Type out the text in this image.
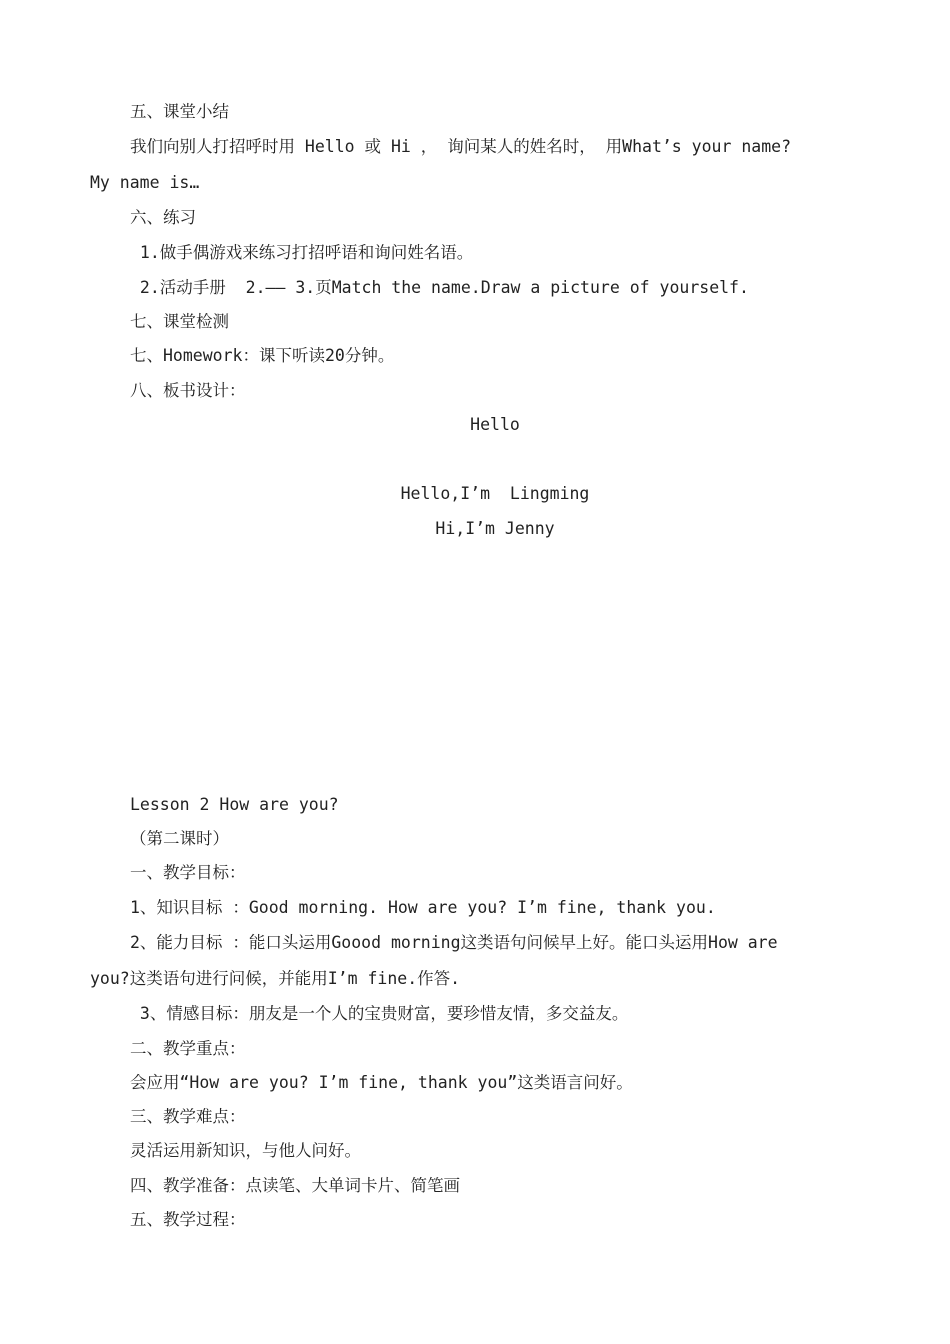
五、课堂小结
我们向别人打招呼时用 Hello 或 Hi ， 询问某人的姓名时， 用What’s your name?
My name is…
六、练习
1.做手偶游戏来练习打招呼语和询问姓名语。
2.活动手册  2.—— 3.页Match the name.Draw a picture of yourself.
七、课堂检测
七、Homework：课下听读20分钟。
八、板书设计：
Hello
Hello,I’m  Lingming
Hi,I’m Jenny
Lesson 2 How are you?
（第二课时）
一、教学目标：
1、知识目标 ：Good morning. How are you? I’m fine, thank you.
2、能力目标 ：能口头运用Goood morning这类语句问候早上好。能口头运用How are
you?这类语句进行问候，并能用I’m fine.作答.
3、情感目标：朋友是一个人的宝贵财富，要珍惜友情，多交益友。
二、教学重点：
会应用“How are you? I’m fine, thank you”这类语言问好。
三、教学难点：
灵活运用新知识，与他人问好。
四、教学准备：点读笔、大单词卡片、简笔画
五、教学过程：
